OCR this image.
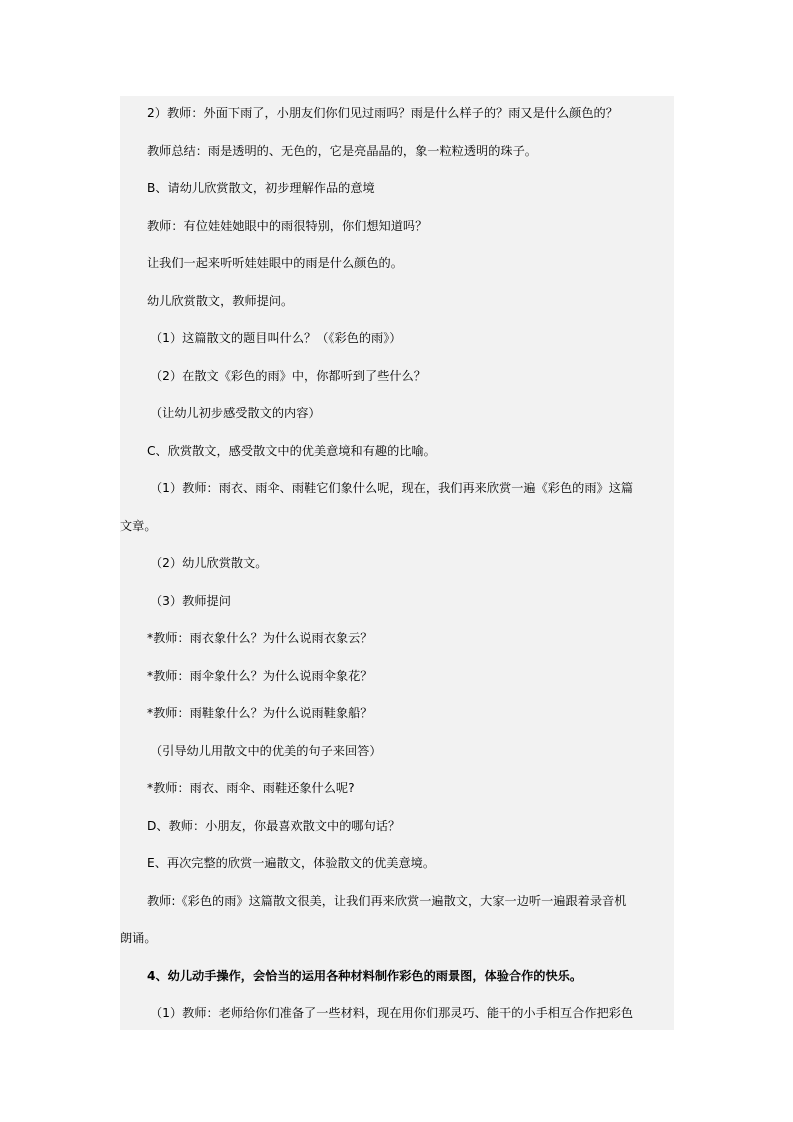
2）教师：外面下雨了，小朋友们你们见过雨吗？雨是什么样子的？雨又是什么颜色的？
教师总结：雨是透明的、无色的，它是亮晶晶的，象一粒粒透明的珠子。
B、请幼儿欣赏散文，初步理解作品的意境
教师：有位娃娃她眼中的雨很特别，你们想知道吗？
让我们一起来听听娃娃眼中的雨是什么颜色的。
幼儿欣赏散文，教师提问。
（1）这篇散文的题目叫什么？（《彩色的雨》）
（2）在散文《彩色的雨》中，你都听到了些什么？
（让幼儿初步感受散文的内容）
C、欣赏散文，感受散文中的优美意境和有趣的比喻。
（1）教师：雨衣、雨伞、雨鞋它们象什么呢，现在，我们再来欣赏一遍《彩色的雨》这篇
文章。
（2）幼儿欣赏散文。
（3）教师提问
*教师：雨衣象什么？为什么说雨衣象云？
*教师：雨伞象什么？为什么说雨伞象花？
*教师：雨鞋象什么？为什么说雨鞋象船？
（引导幼儿用散文中的优美的句子来回答）
*教师：雨衣、雨伞、雨鞋还象什么呢?
D、教师：小朋友，你最喜欢散文中的哪句话？
E、再次完整的欣赏一遍散文，体验散文的优美意境。
教师:《彩色的雨》这篇散文很美，让我们再来欣赏一遍散文，大家一边听一遍跟着录音机
朗诵。
4、幼儿动手操作，会恰当的运用各种材料制作彩色的雨景图，体验合作的快乐。
（1）教师：老师给你们准备了一些材料，现在用你们那灵巧、能干的小手相互合作把彩色
